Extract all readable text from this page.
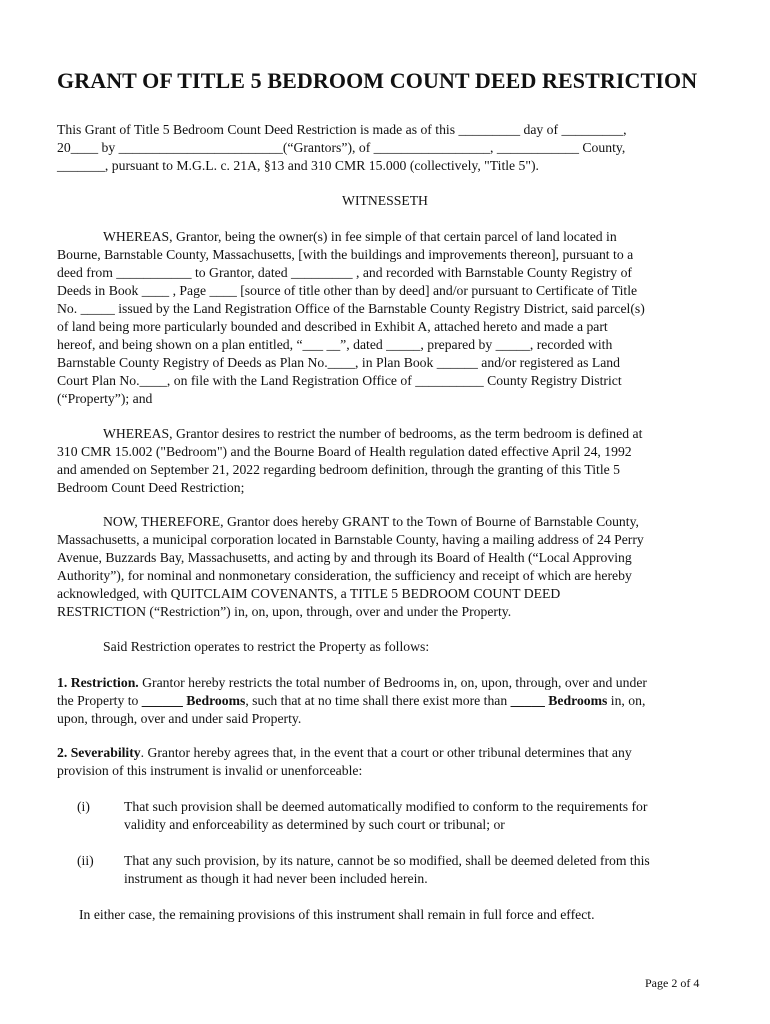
GRANT OF TITLE 5 BEDROOM COUNT DEED RESTRICTION
This Grant of Title 5 Bedroom Count Deed Restriction is made as of this _________ day of _________,
20____ by ________________________(“Grantors”), of _________________, ____________ County,
_______, pursuant to M.G.L. c. 21A, §13 and 310 CMR 15.000 (collectively, "Title 5").
WITNESSETH
WHEREAS, Grantor, being the owner(s) in fee simple of that certain parcel of land located in
Bourne, Barnstable County, Massachusetts, [with the buildings and improvements thereon], pursuant to a
deed from ___________ to Grantor, dated _________ , and recorded with Barnstable County Registry of
Deeds in Book ____ , Page ____ [source of title other than by deed] and/or pursuant to Certificate of Title
No. _____ issued by the Land Registration Office of the Barnstable County Registry District, said parcel(s)
of land being more particularly bounded and described in Exhibit A, attached hereto and made a part
hereof, and being shown on a plan entitled, “___ __”, dated _____, prepared by _____, recorded with
Barnstable County Registry of Deeds as Plan No.____, in Plan Book ______ and/or registered as Land
Court Plan No.____, on file with the Land Registration Office of __________ County Registry District
(“Property”); and
WHEREAS, Grantor desires to restrict the number of bedrooms, as the term bedroom is defined at
310 CMR 15.002 ("Bedroom") and the Bourne Board of Health regulation dated effective April 24, 1992
and amended on September 21, 2022 regarding bedroom definition, through the granting of this Title 5
Bedroom Count Deed Restriction;
NOW, THEREFORE, Grantor does hereby GRANT to the Town of Bourne of Barnstable County,
Massachusetts, a municipal corporation located in Barnstable County, having a mailing address of 24 Perry
Avenue, Buzzards Bay, Massachusetts, and acting by and through its Board of Health (“Local Approving
Authority”), for nominal and nonmonetary consideration, the sufficiency and receipt of which are hereby
acknowledged, with QUITCLAIM COVENANTS, a TITLE 5 BEDROOM COUNT DEED
RESTRICTION (“Restriction”) in, on, upon, through, over and under the Property.
Said Restriction operates to restrict the Property as follows:
1. Restriction. Grantor hereby restricts the total number of Bedrooms in, on, upon, through, over and under
the Property to ______ Bedrooms, such that at no time shall there exist more than _____ Bedrooms in, on,
upon, through, over and under said Property.
2. Severability. Grantor hereby agrees that, in the event that a court or other tribunal determines that any
provision of this instrument is invalid or unenforceable:
(i) That such provision shall be deemed automatically modified to conform to the requirements for
validity and enforceability as determined by such court or tribunal; or
(ii) That any such provision, by its nature, cannot be so modified, shall be deemed deleted from this
instrument as though it had never been included herein.
In either case, the remaining provisions of this instrument shall remain in full force and effect.
Page 2 of 4
